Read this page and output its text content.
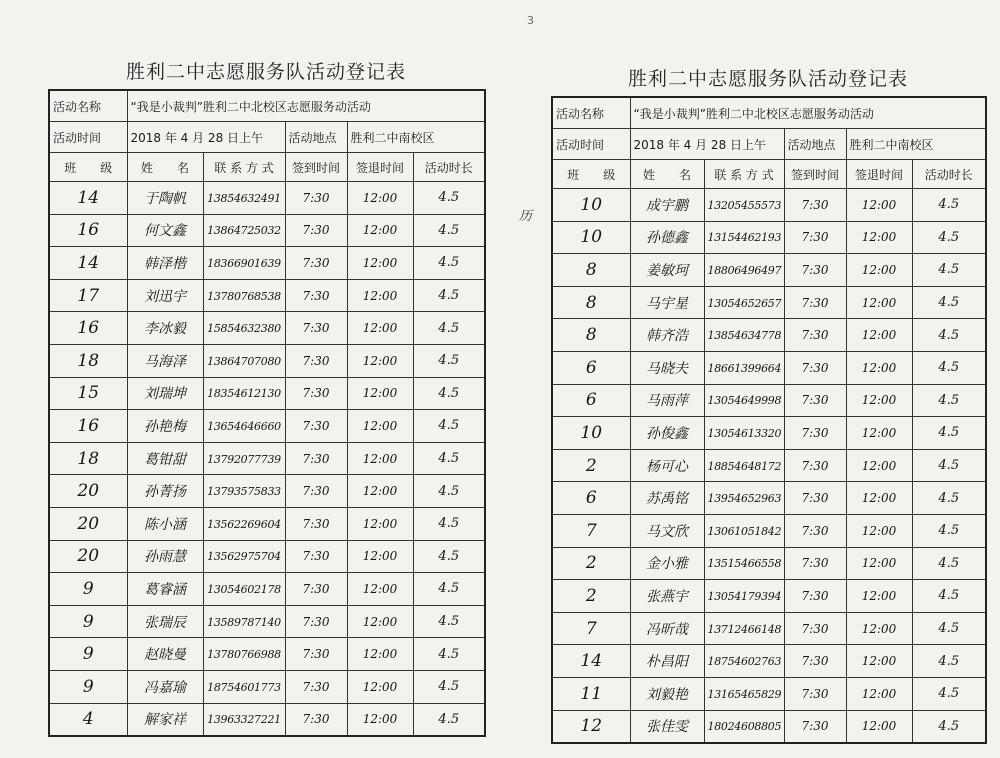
3
胜利二中志愿服务队活动登记表
活动名称	“我是小裁判”胜利二中北校区志愿服务动活动				
活动时间	2018 年 4 月 28 日上午		活动地点	胜利二中南校区	
班　　级	姓　　名	联 系 方 式	签到时间	签退时间	活动时长
14	于陶帆	13854632491	7:30	12:00	4.5
16	何文鑫	13864725032	7:30	12:00	4.5
14	韩泽楷	18366901639	7:30	12:00	4.5
17	刘迅宇	13780768538	7:30	12:00	4.5
16	李冰毅	15854632380	7:30	12:00	4.5
18	马海泽	13864707080	7:30	12:00	4.5
15	刘瑞坤	18354612130	7:30	12:00	4.5
16	孙艳梅	13654646660	7:30	12:00	4.5
18	葛钳甜	13792077739	7:30	12:00	4.5
20	孙菁扬	13793575833	7:30	12:00	4.5
20	陈小涵	13562269604	7:30	12:00	4.5
20	孙雨慧	13562975704	7:30	12:00	4.5
9	葛睿涵	13054602178	7:30	12:00	4.5
9	张瑞辰	13589787140	7:30	12:00	4.5
9	赵晓曼	13780766988	7:30	12:00	4.5
9	冯嘉瑜	18754601773	7:30	12:00	4.5
4	解家祥	13963327221	7:30	12:00	4.5
历
胜利二中志愿服务队活动登记表
活动名称	“我是小裁判”胜利二中北校区志愿服务动活动				
活动时间	2018 年 4 月 28 日上午		活动地点	胜利二中南校区	
班　　级	姓　　名	联 系 方 式	签到时间	签退时间	活动时长
10	成宇鹏	13205455573	7:30	12:00	4.5
10	孙德鑫	13154462193	7:30	12:00	4.5
8	姜敏珂	18806496497	7:30	12:00	4.5
8	马宇星	13054652657	7:30	12:00	4.5
8	韩齐浩	13854634778	7:30	12:00	4.5
6	马晓夫	18661399664	7:30	12:00	4.5
6	马雨萍	13054649998	7:30	12:00	4.5
10	孙俊鑫	13054613320	7:30	12:00	4.5
2	杨可心	18854648172	7:30	12:00	4.5
6	苏禹铭	13954652963	7:30	12:00	4.5
7	马文欣	13061051842	7:30	12:00	4.5
2	金小雅	13515466558	7:30	12:00	4.5
2	张燕宇	13054179394	7:30	12:00	4.5
7	冯昕哉	13712466148	7:30	12:00	4.5
14	朴昌阳	18754602763	7:30	12:00	4.5
11	刘毅艳	13165465829	7:30	12:00	4.5
12	张佳雯	18024608805	7:30	12:00	4.5
